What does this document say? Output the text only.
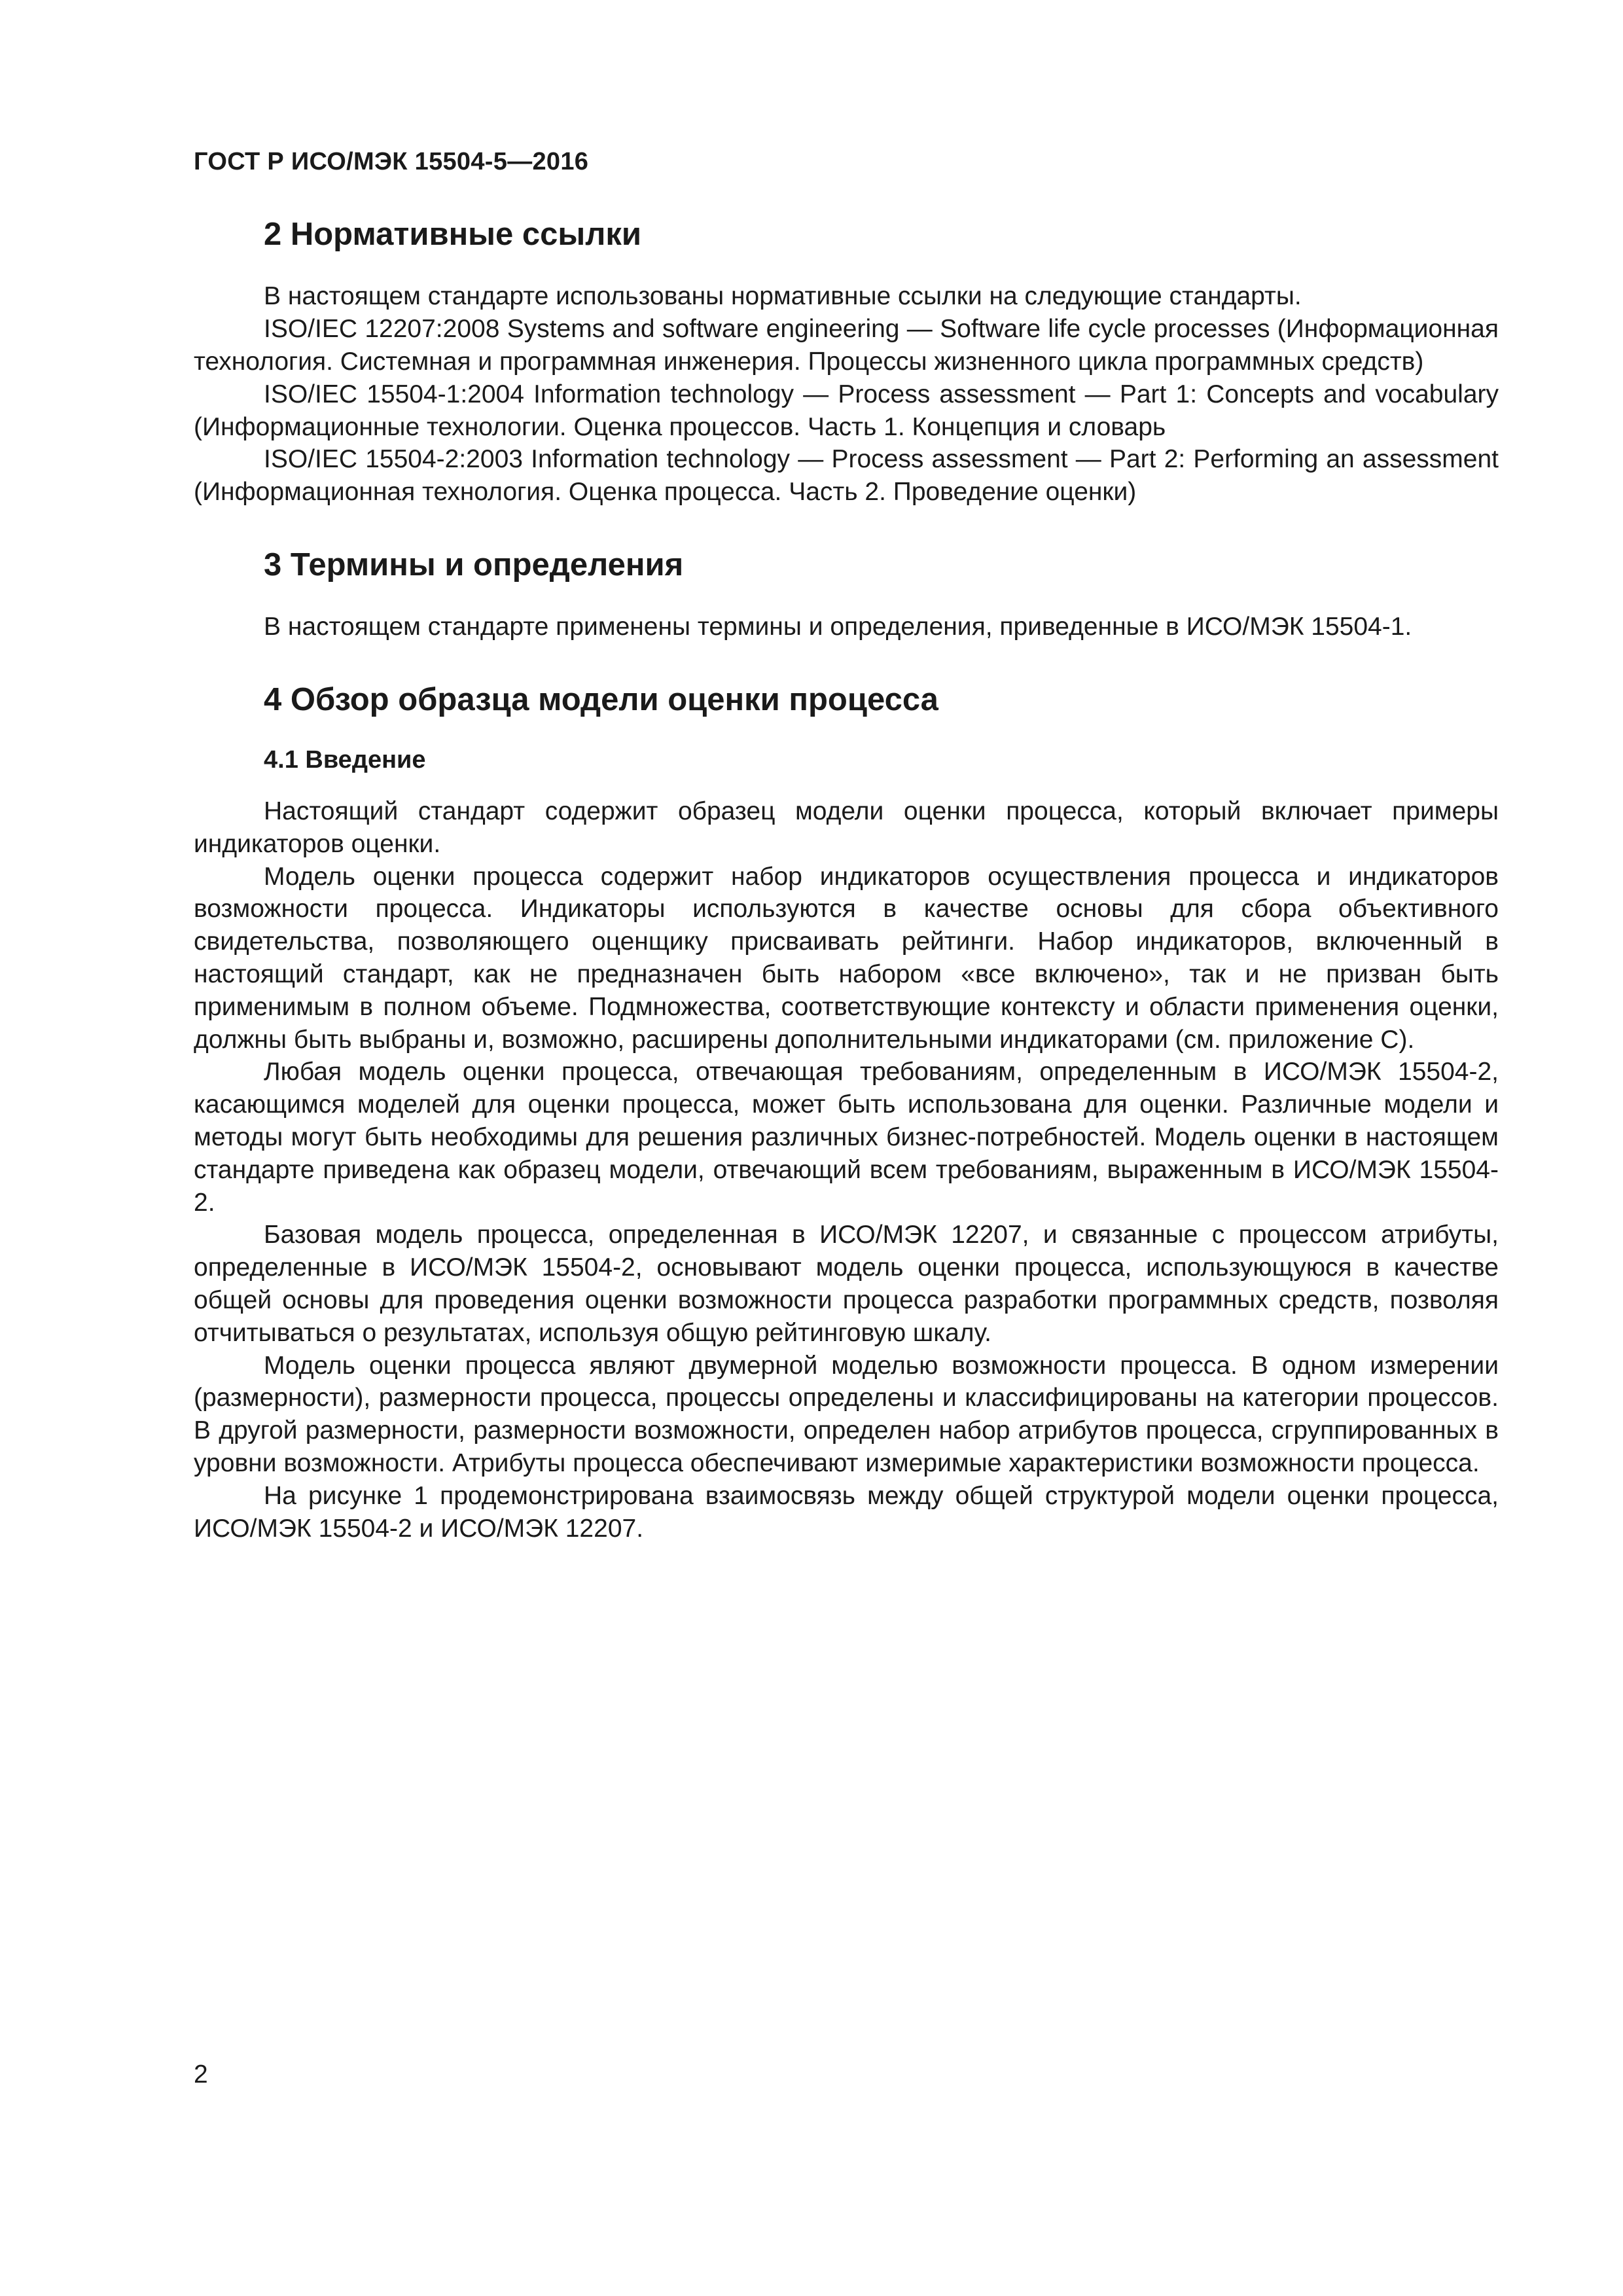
ГОСТ Р ИСО/МЭК 15504-5—2016
2 Нормативные ссылки

В настоящем стандарте использованы нормативные ссылки на следующие стандарты.

ISO/IEC 12207:2008 Systems and software engineering — Software life cycle processes (Информационная технология. Системная и программная инженерия. Процессы жизненного цикла программных средств)

ISO/IEC 15504-1:2004 Information technology — Process assessment — Part 1: Concepts and vocabulary (Информационные технологии. Оценка процессов. Часть 1. Концепция и словарь

ISO/IEC 15504-2:2003 Information technology — Process assessment — Part 2: Performing an assessment (Информационная технология. Оценка процесса. Часть 2. Проведение оценки)

3 Термины и определения

В настоящем стандарте применены термины и определения, приведенные в ИСО/МЭК 15504-1.

4 Обзор образца модели оценки процесса
4.1 Введение

Настоящий стандарт содержит образец модели оценки процесса, который включает примеры индикаторов оценки.

Модель оценки процесса содержит набор индикаторов осуществления процесса и индикаторов возможности процесса. Индикаторы используются в качестве основы для сбора объективного свидетельства, позволяющего оценщику присваивать рейтинги. Набор индикаторов, включенный в настоящий стандарт, как не предназначен быть набором «все включено», так и не призван быть применимым в полном объеме. Подмножества, соответствующие контексту и области применения оценки, должны быть выбраны и, возможно, расширены дополнительными индикаторами (см. приложение С).

Любая модель оценки процесса, отвечающая требованиям, определенным в ИСО/МЭК 15504-2, касающимся моделей для оценки процесса, может быть использована для оценки. Различные модели и методы могут быть необходимы для решения различных бизнес-потребностей. Модель оценки в настоящем стандарте приведена как образец модели, отвечающий всем требованиям, выраженным в ИСО/МЭК 15504-2.

Базовая модель процесса, определенная в ИСО/МЭК 12207, и связанные с процессом атрибуты, определенные в ИСО/МЭК 15504-2, основывают модель оценки процесса, использующуюся в качестве общей основы для проведения оценки возможности процесса разработки программных средств, позволяя отчитываться о результатах, используя общую рейтинговую шкалу.

Модель оценки процесса являют двумерной моделью возможности процесса. В одном измерении (размерности), размерности процесса, процессы определены и классифицированы на категории процессов. В другой размерности, размерности возможности, определен набор атрибутов процесса, сгруппированных в уровни возможности. Атрибуты процесса обеспечивают измеримые характеристики возможности процесса.

На рисунке 1 продемонстрирована взаимосвязь между общей структурой модели оценки процесса, ИСО/МЭК 15504-2 и ИСО/МЭК 12207.

2
